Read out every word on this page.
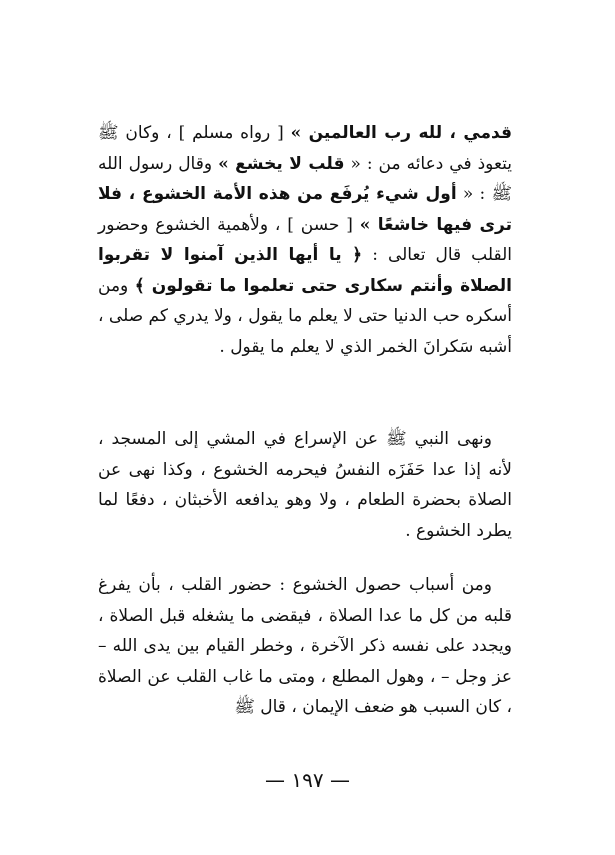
قدمي ، لله رب العالمين » [ رواه مسلم ] ، وكان ﷺ يتعوذ في دعائه من : « قلب لا يخشع » وقال رسول الله ﷺ : « أول شيء يُرفَع من هذه الأمة الخشوع ، فلا ترى فيها خاشعًا » [ حسن ] ، ولأهمية الخشوع وحضور القلب قال تعالى : ﴿ يا أيها الذين آمنوا لا تقربوا الصلاة وأنتم سكارى حتى تعلموا ما تقولون ﴾ ومن أسكره حب الدنيا حتى لا يعلم ما يقول ، ولا يدري كم صلى ، أشبه سَكرانَ الخمر الذي لا يعلم ما يقول .
ونهى النبي ﷺ عن الإسراع في المشي إلى المسجد ، لأنه إذا عدا حَفَزَه النفسُ فيحرمه الخشوع ، وكذا نهى عن الصلاة بحضرة الطعام ، ولا وهو يدافعه الأخبثان ، دفعًا لما يطرد الخشوع .
ومن أسباب حصول الخشوع : حضور القلب ، بأن يفرغ قلبه من كل ما عدا الصلاة ، فيقضى ما يشغله قبل الصلاة ، ويجدد على نفسه ذكر الآخرة ، وخطر القيام بين يدى الله – عز وجل – ، وهول المطلع ، ومتى ما غاب القلب عن الصلاة ، كان السبب هو ضعف الإيمان ، قال ﷺ
— ١٩٧ —
